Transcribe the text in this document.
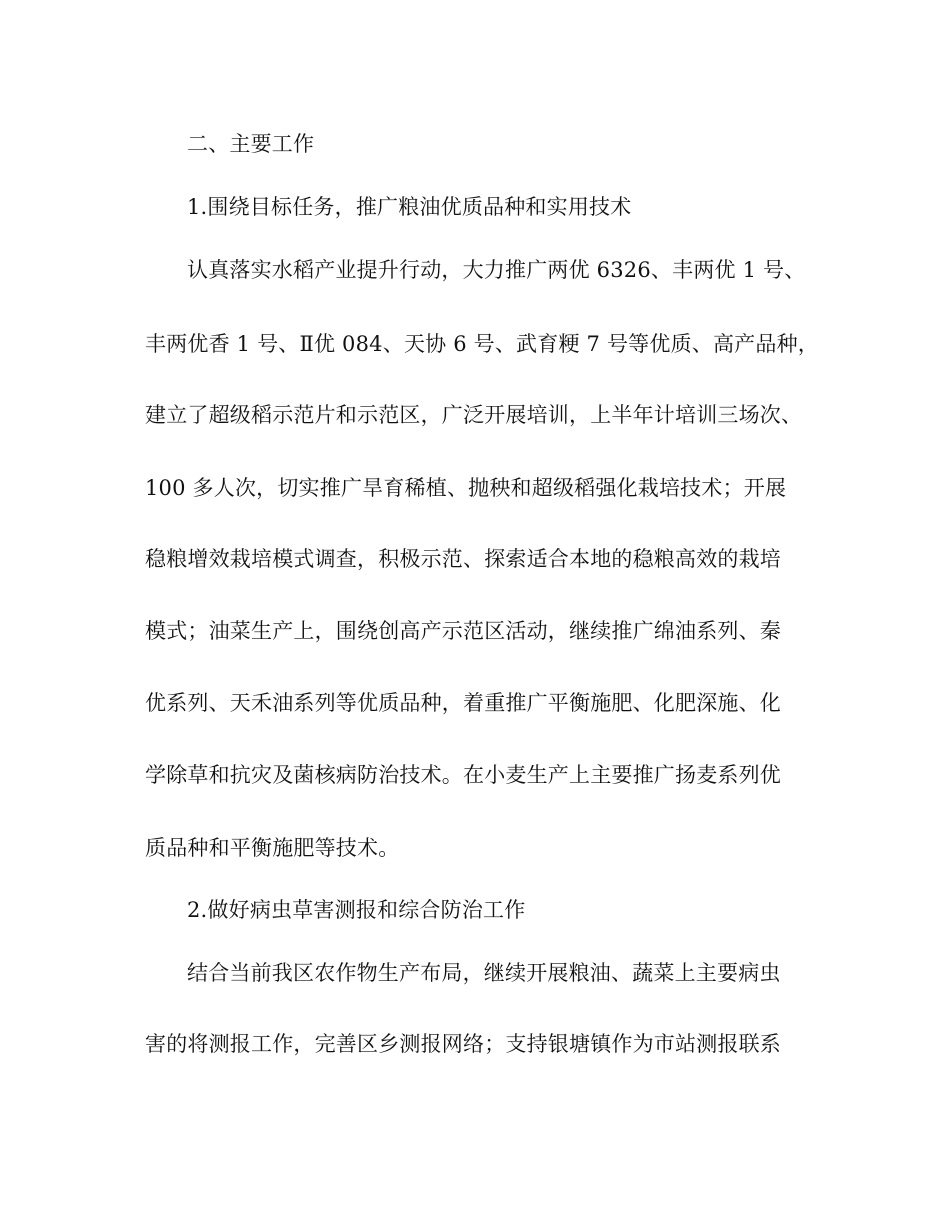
二、主要工作
1.围绕目标任务，推广粮油优质品种和实用技术
认真落实水稻产业提升行动，大力推广两优 6326、丰两优 1 号、
丰两优香 1 号、Ⅱ优 084、天协 6 号、武育粳 7 号等优质、高产品种，
建立了超级稻示范片和示范区，广泛开展培训，上半年计培训三场次、
100 多人次，切实推广旱育稀植、抛秧和超级稻强化栽培技术；开展
稳粮增效栽培模式调查，积极示范、探索适合本地的稳粮高效的栽培
模式；油菜生产上，围绕创高产示范区活动，继续推广绵油系列、秦
优系列、天禾油系列等优质品种，着重推广平衡施肥、化肥深施、化
学除草和抗灾及菌核病防治技术。在小麦生产上主要推广扬麦系列优
质品种和平衡施肥等技术。
2.做好病虫草害测报和综合防治工作
结合当前我区农作物生产布局，继续开展粮油、蔬菜上主要病虫
害的将测报工作，完善区乡测报网络；支持银塘镇作为市站测报联系
